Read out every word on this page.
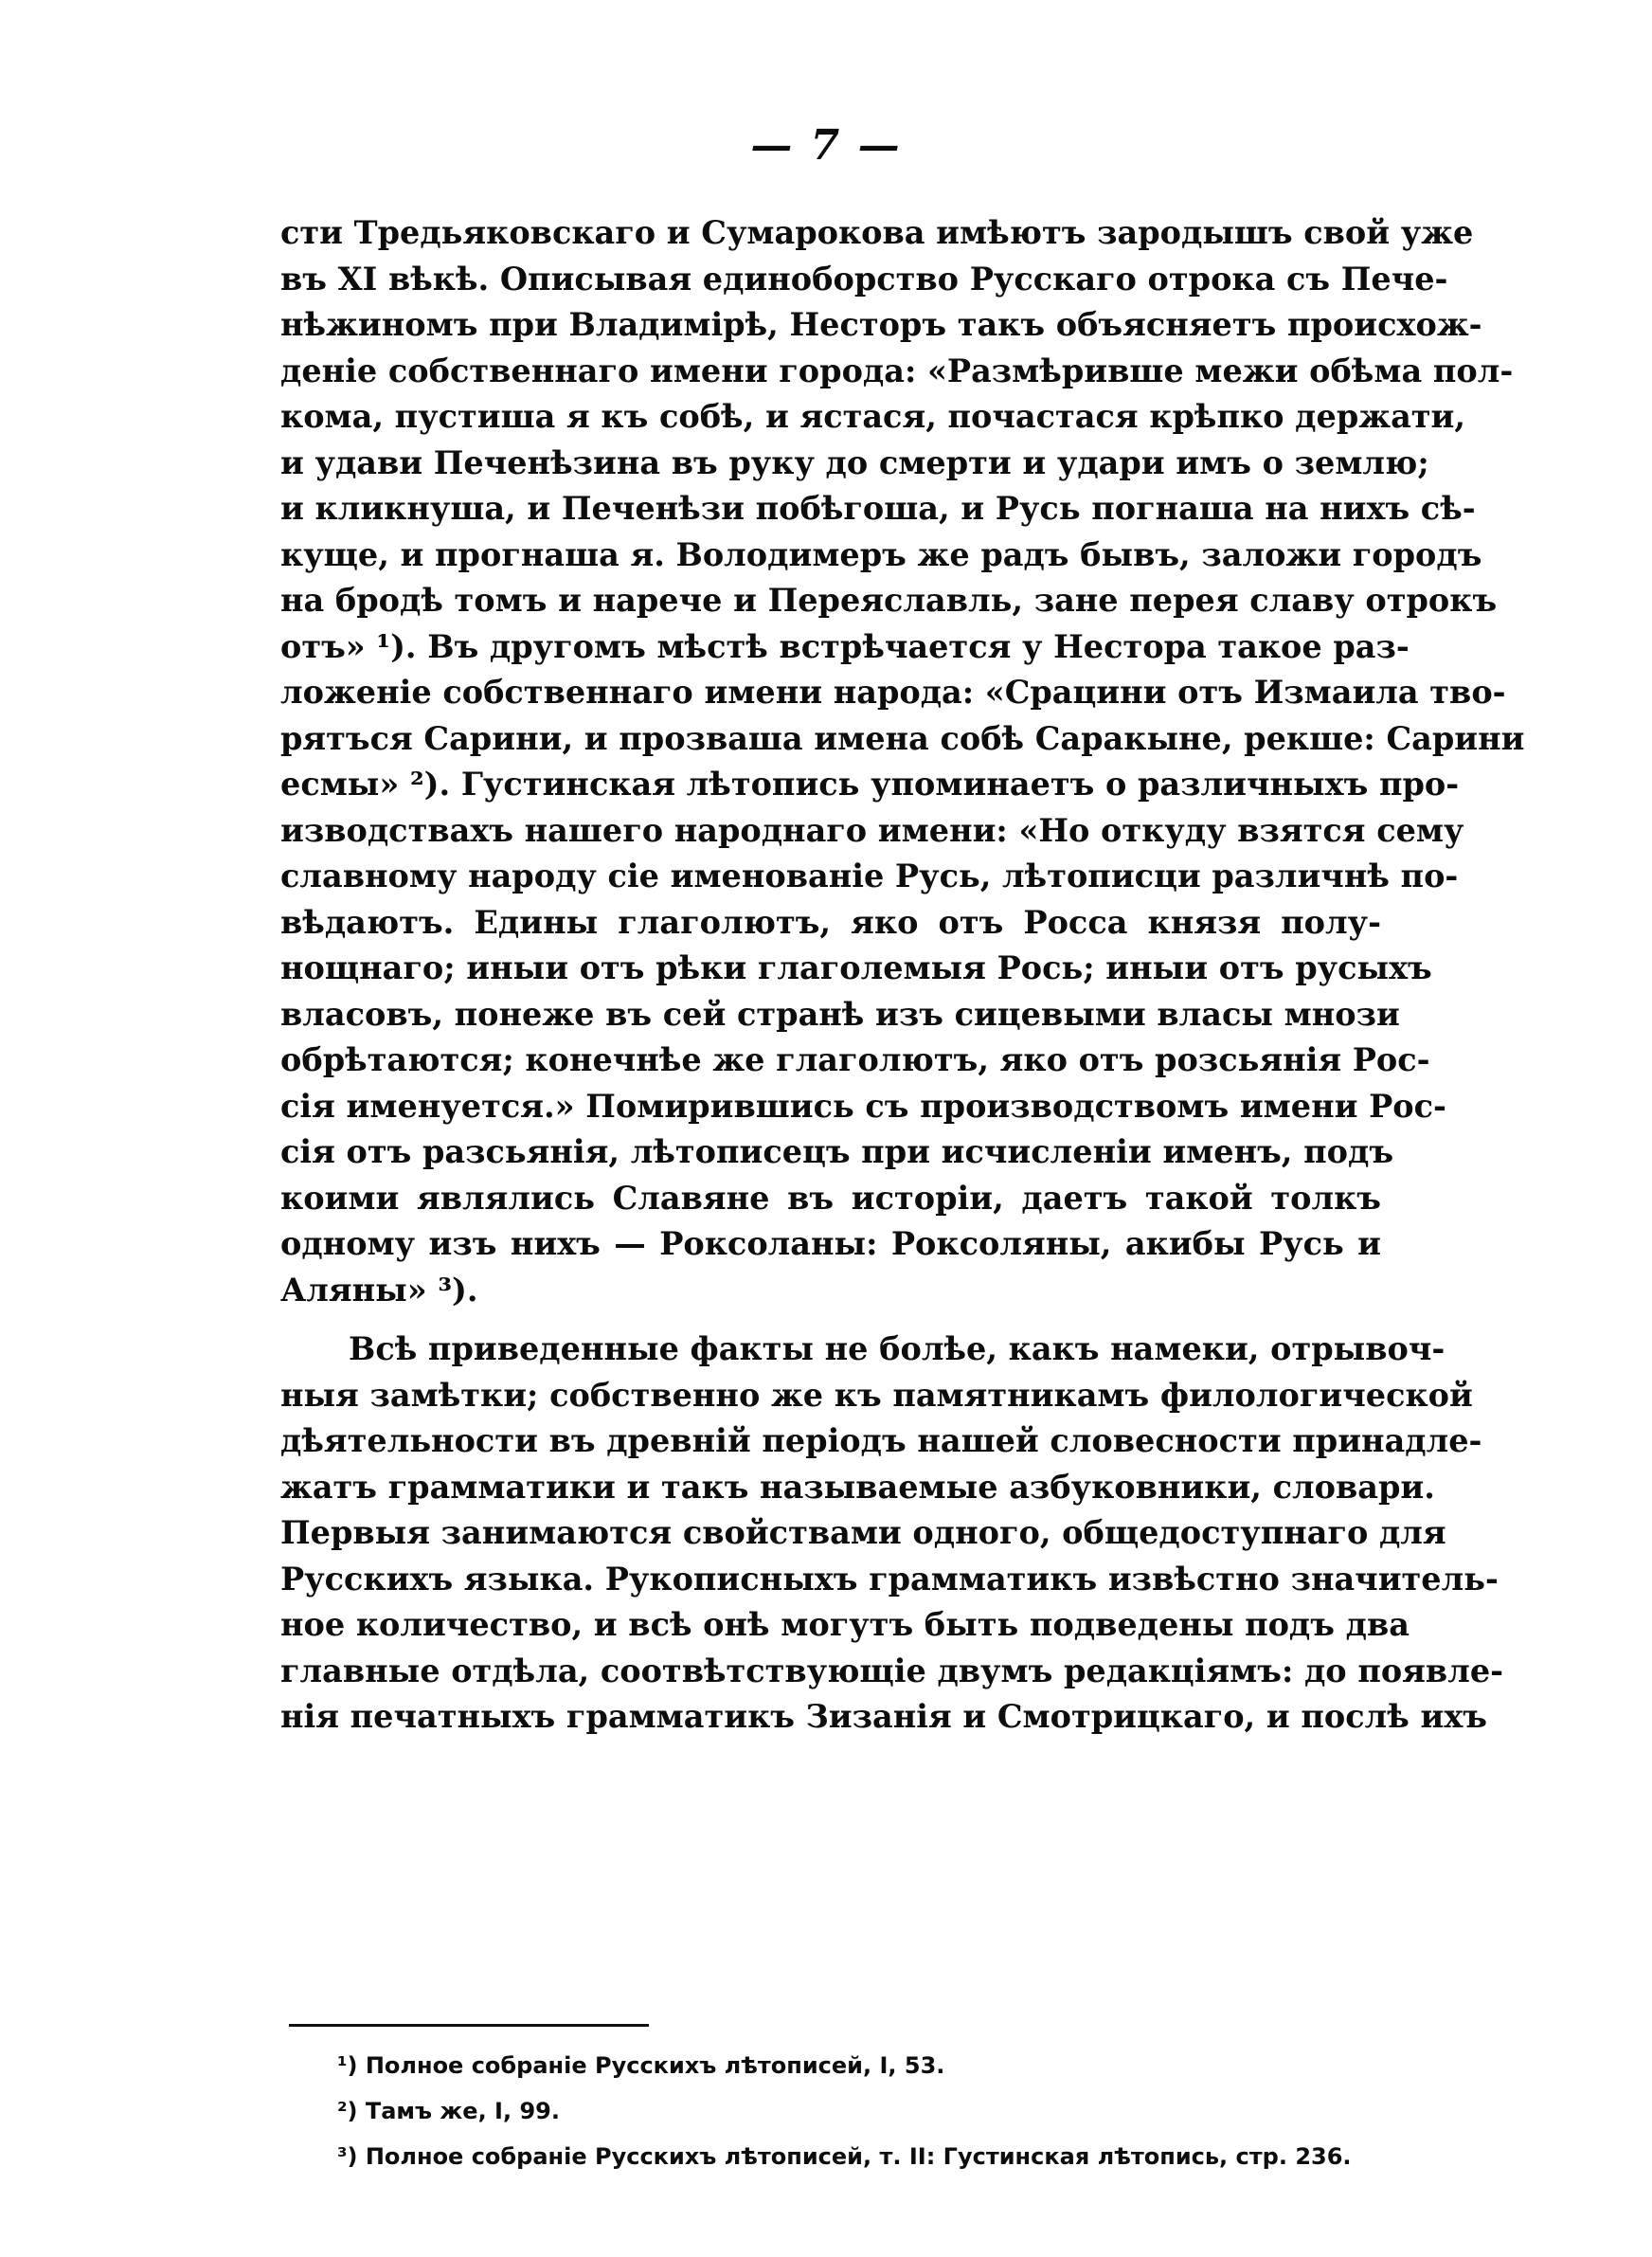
— 7 —
сти Тредьяковскаго и Сумарокова имѣютъ зародышъ свой уже
въ XI вѣкѣ. Описывая единоборство Русскаго отрока съ Пече-
нѣжиномъ при Владимірѣ, Несторъ такъ объясняетъ происхож-
деніе собственнаго имени города: «Размѣривше межи обѣма пол-
кома, пустиша я къ собѣ, и ястася, почастася крѣпко держати,
и удави Печенѣзина въ руку до смерти и удари имъ о землю;
и кликнуша, и Печенѣзи побѣгоша, и Русь погнаша на нихъ сѣ-
куще, и прогнаша я. Володимеръ же радъ бывъ, заложи городъ
на бродѣ томъ и нарече и Переяславль, зане перея славу отрокъ
отъ» ¹). Въ другомъ мѣстѣ встрѣчается у Нестора такое раз-
ложеніе собственнаго имени народа: «Срацини отъ Измаила тво-
рятъся Сарини, и прозваша имена собѣ Саракыне, рекше: Сарини
есмы» ²). Густинская лѣтопись упоминаетъ о различныхъ про-
изводствахъ нашего народнаго имени: «Но откуду взятся сему
славному народу сіе именованіе Русь, лѣтописци различнѣ по-
вѣдаютъ. Едины глаголютъ, яко отъ Росса князя полу-
нощнаго; иныи отъ рѣки глаголемыя Рось; иныи отъ русыхъ
власовъ, понеже въ сей странѣ изъ сицевыми власы мнози
обрѣтаются; конечнѣе же глаголютъ, яко отъ розсьянія Рос-
сія именуется.» Помирившись съ производствомъ имени Рос-
сія отъ разсьянія, лѣтописецъ при исчисленіи именъ, подъ
коими являлись Славяне въ исторіи, даетъ такой толкъ
одному изъ нихъ — Роксоланы: Роксоляны, акибы Русь и
Аляны» ³).
Всѣ приведенные факты не болѣе, какъ намеки, отрывоч-
ныя замѣтки; собственно же къ памятникамъ филологической
дѣятельности въ древній періодъ нашей словесности принадле-
жатъ грамматики и такъ называемые азбуковники, словари.
Первыя занимаются свойствами одного, общедоступнаго для
Русскихъ языка. Рукописныхъ грамматикъ извѣстно значитель-
ное количество, и всѣ онѣ могутъ быть подведены подъ два
главные отдѣла, соотвѣтствующіе двумъ редакціямъ: до появле-
нія печатныхъ грамматикъ Зизанія и Смотрицкаго, и послѣ ихъ
¹) Полное собраніе Русскихъ лѣтописей, I, 53.
²) Тамъ же, I, 99.
³) Полное собраніе Русскихъ лѣтописей, т. II: Густинская лѣтопись, стр. 236.
